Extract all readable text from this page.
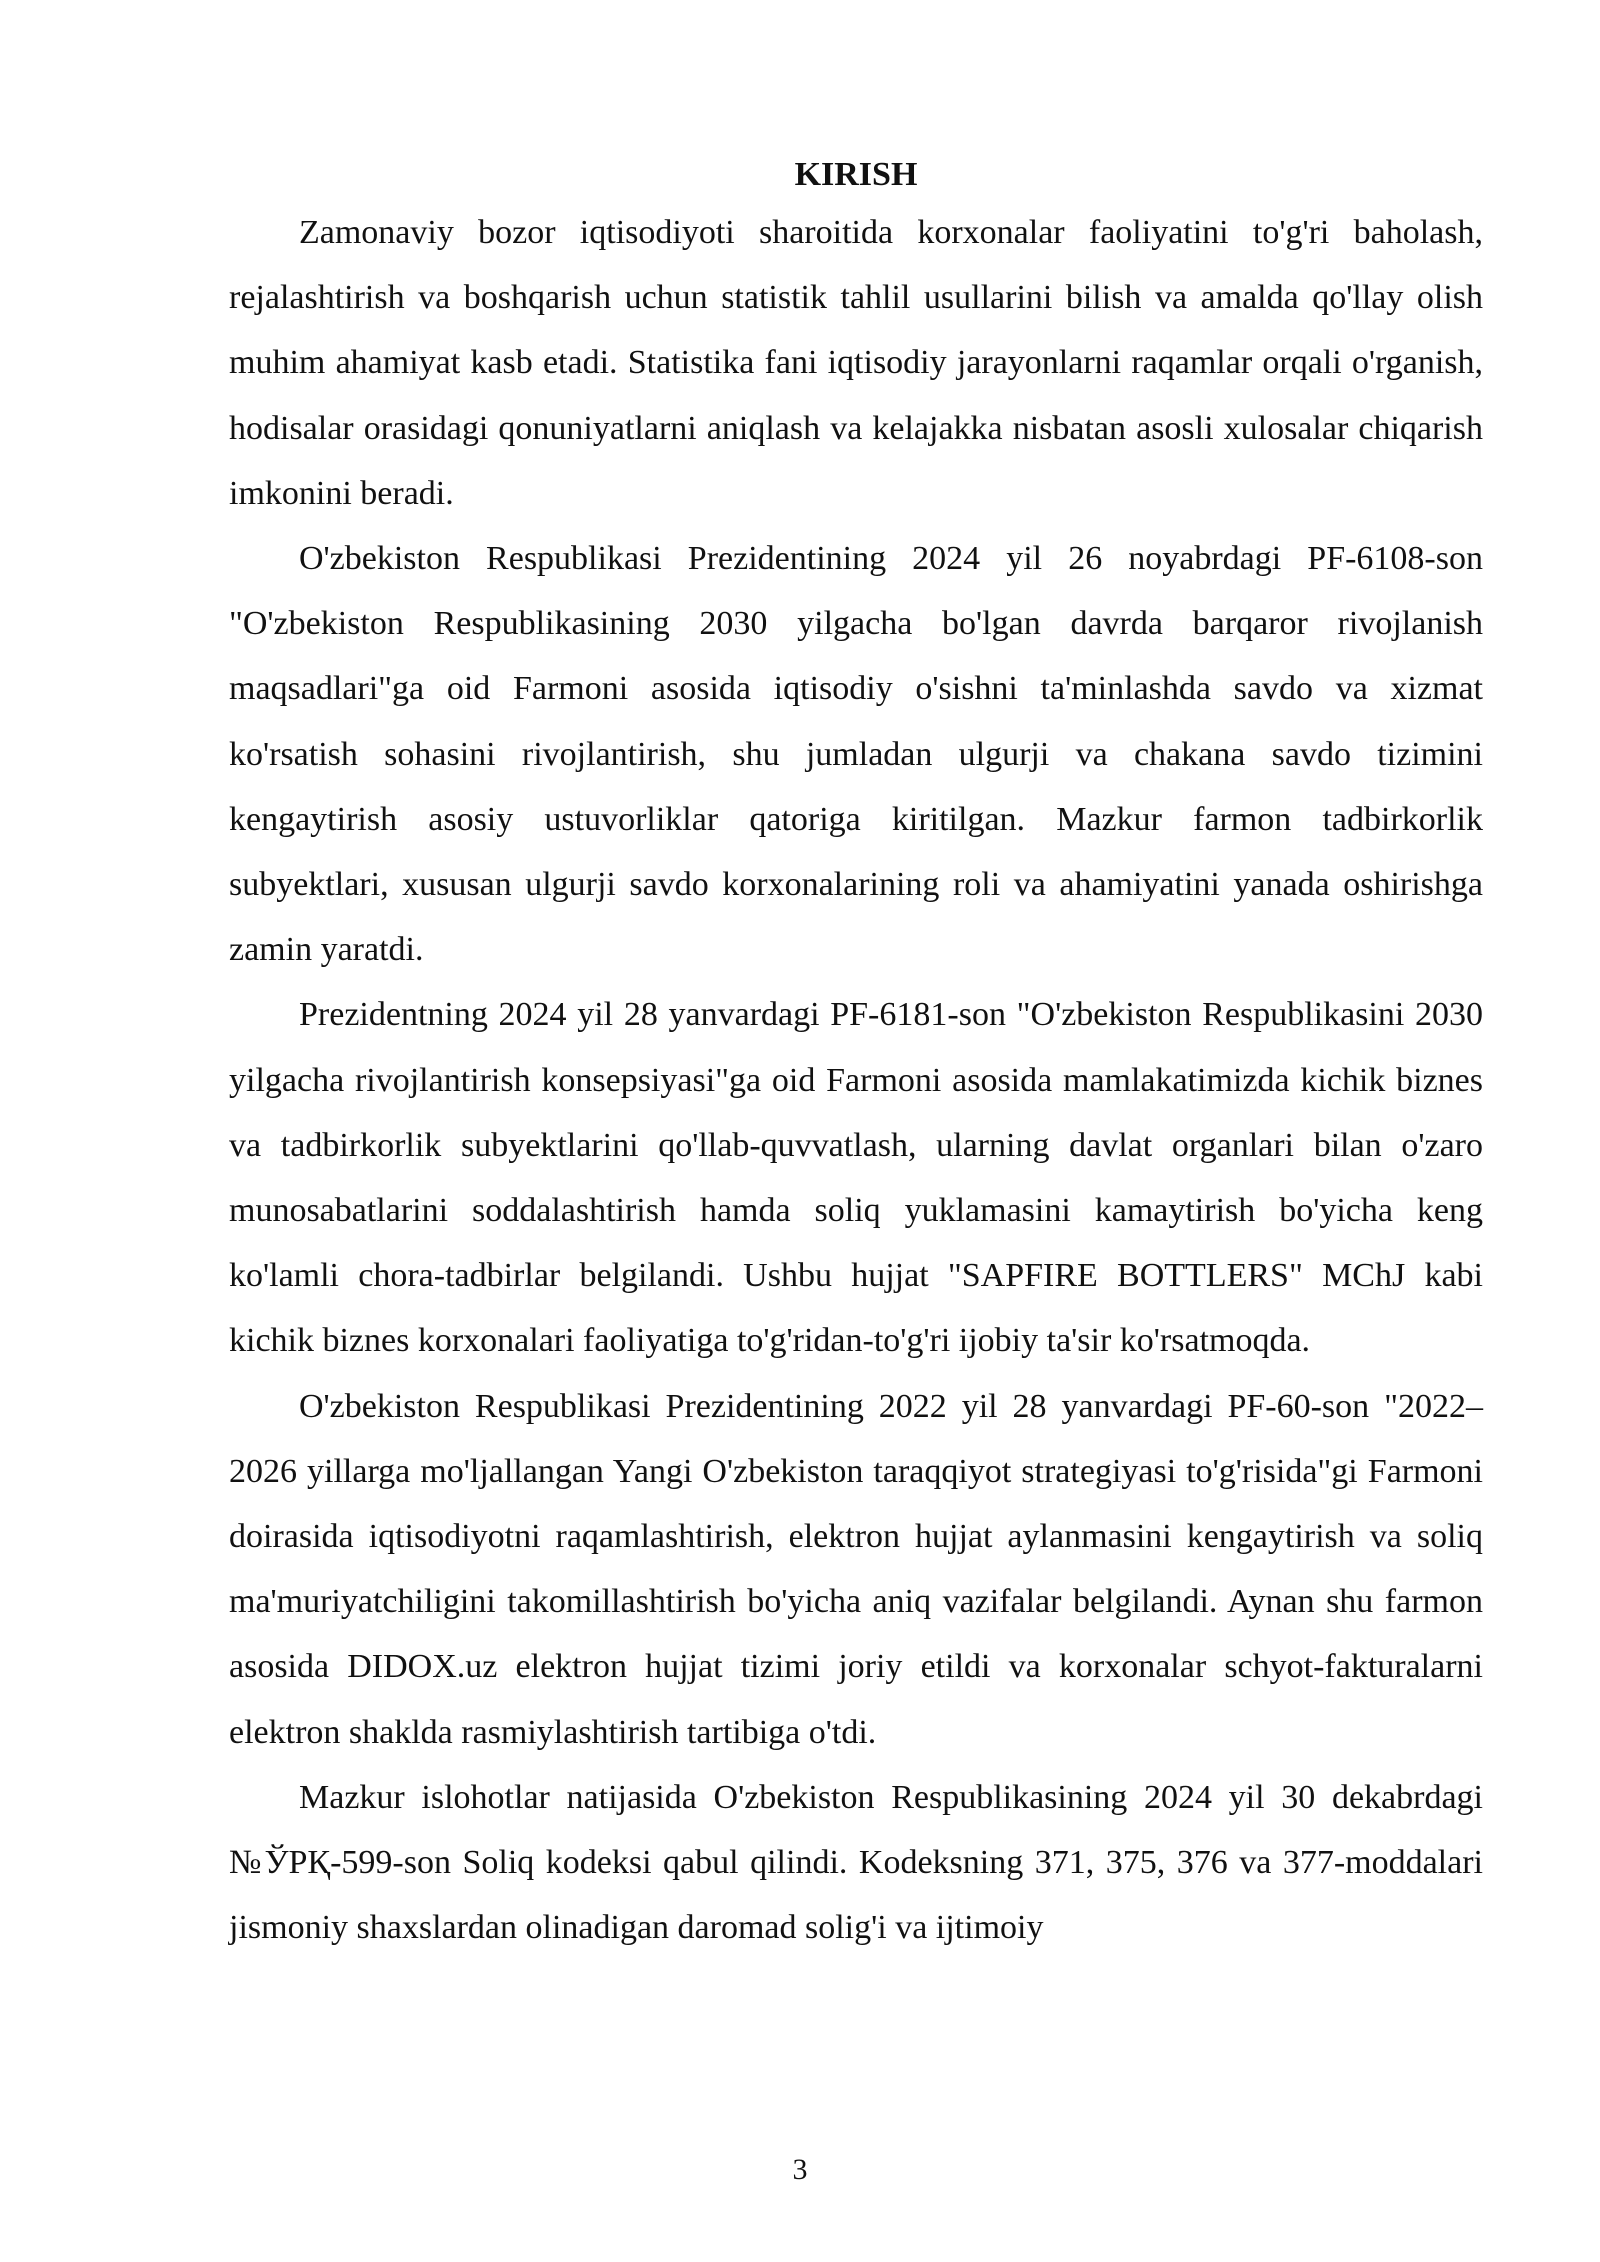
KIRISH

Zamonaviy bozor iqtisodiyoti sharoitida korxonalar faoliyatini to'g'ri baholash, rejalashtirish va boshqarish uchun statistik tahlil usullarini bilish va amalda qo'llay olish muhim ahamiyat kasb etadi. Statistika fani iqtisodiy jarayonlarni raqamlar orqali o'rganish, hodisalar orasidagi qonuniyatlarni aniqlash va kelajakka nisbatan asosli xulosalar chiqarish imkonini beradi.

O'zbekiston Respublikasi Prezidentining 2024 yil 26 noyabrdagi PF-6108-son "O'zbekiston Respublikasining 2030 yilgacha bo'lgan davrda barqaror rivojlanish maqsadlari"ga oid Farmoni asosida iqtisodiy o'sishni ta'minlashda savdo va xizmat ko'rsatish sohasini rivojlantirish, shu jumladan ulgurji va chakana savdo tizimini kengaytirish asosiy ustuvorliklar qatoriga kiritilgan. Mazkur farmon tadbirkorlik subyektlari, xususan ulgurji savdo korxonalarining roli va ahamiyatini yanada oshirishga zamin yaratdi.

Prezidentning 2024 yil 28 yanvardagi PF-6181-son "O'zbekiston Respublikasini 2030 yilgacha rivojlantirish konsepsiyasi"ga oid Farmoni asosida mamlakatimizda kichik biznes va tadbirkorlik subyektlarini qo'llab-quvvatlash, ularning davlat organlari bilan o'zaro munosabatlarini soddalashtirish hamda soliq yuklamasini kamaytirish bo'yicha keng ko'lamli chora-tadbirlar belgilandi. Ushbu hujjat "SAPFIRE BOTTLERS" MChJ kabi kichik biznes korxonalari faoliyatiga to'g'ridan-to'g'ri ijobiy ta'sir ko'rsatmoqda.

O'zbekiston Respublikasi Prezidentining 2022 yil 28 yanvardagi PF-60-son "2022–2026 yillarga mo'ljallangan Yangi O'zbekiston taraqqiyot strategiyasi to'g'risida"gi Farmoni doirasida iqtisodiyotni raqamlashtirish, elektron hujjat aylanmasini kengaytirish va soliq ma'muriyatchiligini takomillashtirish bo'yicha aniq vazifalar belgilandi. Aynan shu farmon asosida DIDOX.uz elektron hujjat tizimi joriy etildi va korxonalar schyot-fakturalarni elektron shaklda rasmiylashtirish tartibiga o'tdi.

Mazkur islohotlar natijasida O'zbekiston Respublikasining 2024 yil 30 dekabrdagi №ЎРҚ-599-son Soliq kodeksi qabul qilindi. Kodeksning 371, 375, 376 va 377-moddalari jismoniy shaxslardan olinadigan daromad solig'i va ijtimoiy

3
